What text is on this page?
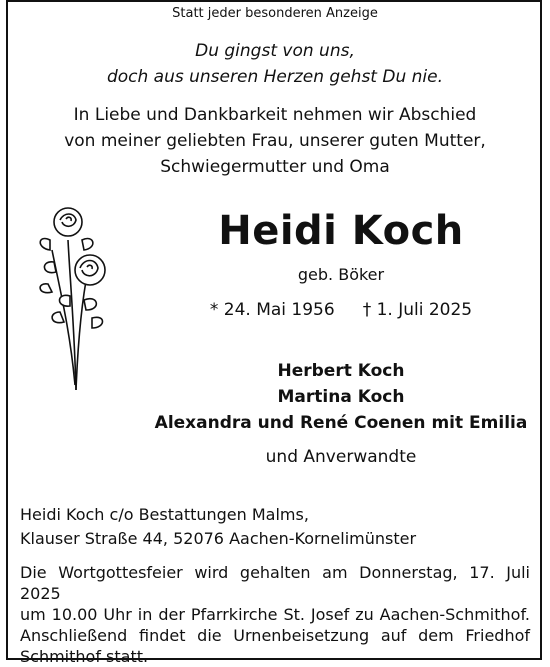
Statt jeder besonderen Anzeige
Du gingst von uns,
doch aus unseren Herzen gehst Du nie.
In Liebe und Dankbarkeit nehmen wir Abschied
von meiner geliebten Frau, unserer guten Mutter,
Schwiegermutter und Oma
Heidi Koch
geb. Böker
* 24. Mai 1956 † 1. Juli 2025
Herbert Koch
Martina Koch
Alexandra und René Coenen mit Emilia
und Anverwandte
Heidi Koch c/o Bestattungen Malms,
Klauser Straße 44, 52076 Aachen-Kornelimünster
Die Wortgottesfeier wird gehalten am Donnerstag, 17. Juli 2025
um 10.00 Uhr in der Pfarrkirche St. Josef zu Aachen-Schmithof.
Anschließend findet die Urnenbeisetzung auf dem Friedhof
Schmithof statt.
